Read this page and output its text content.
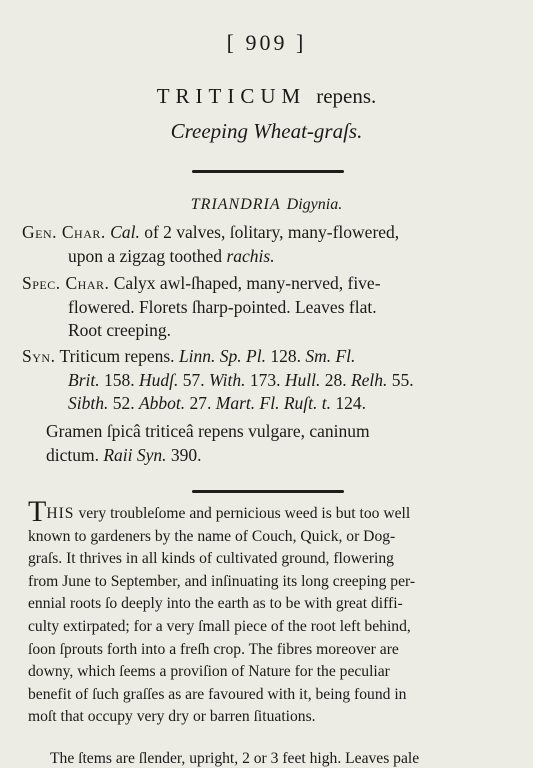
[ 909 ]
TRITICUM repens.
Creeping Wheat-graſs.
TRIANDRIA Digynia.
Gen. Char. Cal. of 2 valves, ſolitary, many-flowered,
upon a zigzag toothed rachis.
Spec. Char. Calyx awl-ſhaped, many-nerved, five-
flowered. Florets ſharp-pointed. Leaves flat.
Root creeping.
Syn. Triticum repens. Linn. Sp. Pl. 128. Sm. Fl.
Brit. 158. Hudſ. 57. With. 173. Hull. 28. Relh. 55.
Sibth. 52. Abbot. 27. Mart. Fl. Ruſt. t. 124.
Gramen ſpicâ triticeâ repens vulgare, caninum
dictum. Raii Syn. 390.
THIS very troubleſome and pernicious weed is but too well
known to gardeners by the name of Couch, Quick, or Dog-
graſs. It thrives in all kinds of cultivated ground, flowering
from June to September, and inſinuating its long creeping per-
ennial roots ſo deeply into the earth as to be with great diffi-
culty extirpated; for a very ſmall piece of the root left behind,
ſoon ſprouts forth into a freſh crop. The fibres moreover are
downy, which ſeems a proviſion of Nature for the peculiar
benefit of ſuch graſſes as are favoured with it, being found in
moſt that occupy very dry or barren ſituations.
The ſtems are ſlender, upright, 2 or 3 feet high. Leaves pale
